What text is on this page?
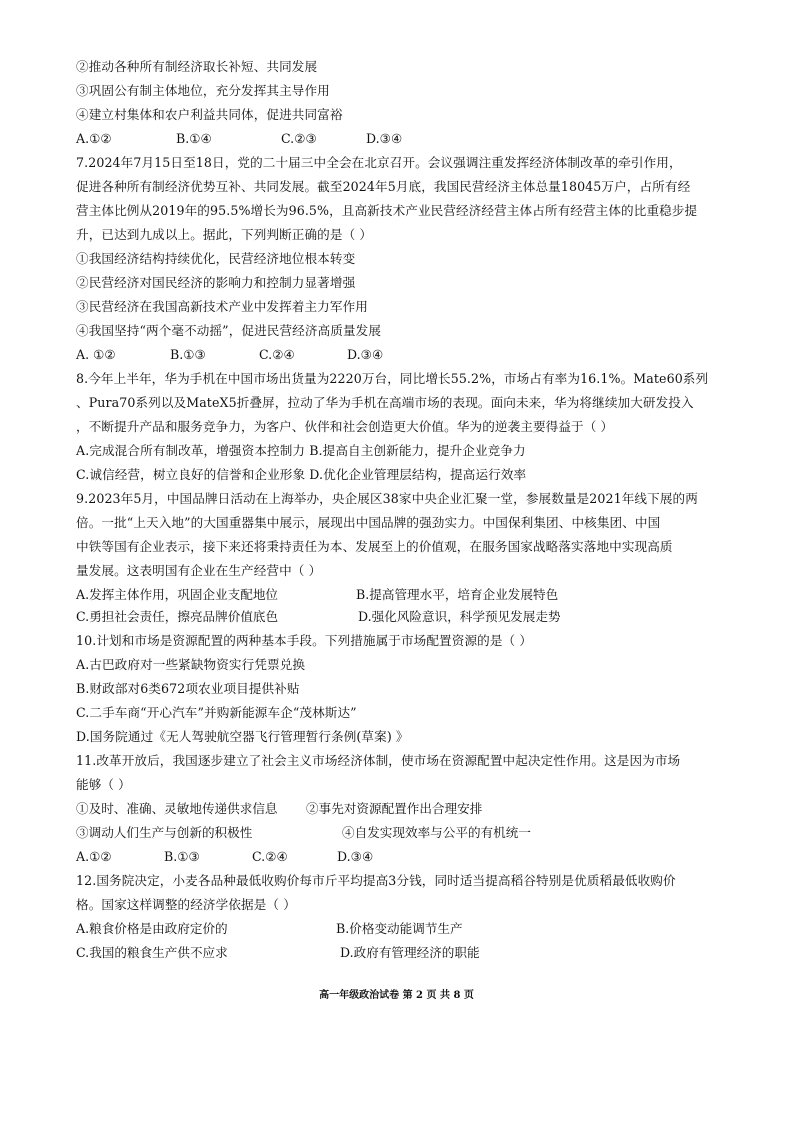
②推动各种所有制经济取长补短、共同发展
③巩固公有制主体地位，充分发挥其主导作用
④建立村集体和农户利益共同体，促进共同富裕
A.①②	B.①④	C.②③	D.③④
7.2024年7月15日至18日，党的二十届三中全会在北京召开。会议强调注重发挥经济体制改革的牵引作用，
促进各种所有制经济优势互补、共同发展。截至2024年5月底，我国民营经济主体总量18045万户，占所有经
营主体比例从2019年的95.5%增长为96.5%，且高新技术产业民营经济经营主体占所有经营主体的比重稳步提
升，已达到九成以上。据此，下列判断正确的是（ ）
①我国经济结构持续优化，民营经济地位根本转变
②民营经济对国民经济的影响力和控制力显著增强
③民营经济在我国高新技术产业中发挥着主力军作用
④我国坚持“两个毫不动摇”，促进民营经济高质量发展
A. ①②	B.①③	C.②④	D.③④
8.今年上半年，华为手机在中国市场出货量为2220万台，同比增长55.2%，市场占有率为16.1%。Mate60系列
、Pura70系列以及MateX5折叠屏，拉动了华为手机在高端市场的表现。面向未来，华为将继续加大研发投入
，不断提升产品和服务竞争力，为客户、伙伴和社会创造更大价值。华为的逆袭主要得益于（ ）
A.完成混合所有制改革，增强资本控制力 B.提高自主创新能力，提升企业竞争力
C.诚信经营，树立良好的信誉和企业形象 D.优化企业管理层结构，提高运行效率
9.2023年5月，中国品牌日活动在上海举办，央企展区38家中央企业汇聚一堂，参展数量是2021年线下展的两
倍。一批“上天入地”的大国重器集中展示，展现出中国品牌的强劲实力。中国保利集团、中核集团、中国
中铁等国有企业表示，接下来还将秉持责任为本、发展至上的价值观，在服务国家战略落实落地中实现高质
量发展。这表明国有企业在生产经营中（ ）
A.发挥主体作用，巩固企业支配地位	B.提高管理水平，培育企业发展特色
C.勇担社会责任，擦亮品牌价值底色	D.强化风险意识，科学预见发展走势
10.计划和市场是资源配置的两种基本手段。下列措施属于市场配置资源的是（ ）
A.古巴政府对一些紧缺物资实行凭票兑换
B.财政部对6类672项农业项目提供补贴
C.二手车商“开心汽车”并购新能源车企“茂林斯达”
D.国务院通过《无人驾驶航空器飞行管理暂行条例(草案) 》
11.改革开放后，我国逐步建立了社会主义市场经济体制，使市场在资源配置中起决定性作用。这是因为市场
能够（ ）
①及时、准确、灵敏地传递供求信息 ②事先对资源配置作出合理安排
③调动人们生产与创新的积极性	④自发实现效率与公平的有机统一
A.①②	B.①③	C.②④	D.③④
12.国务院决定，小麦各品种最低收购价每市斤平均提高3分钱，同时适当提高稻谷特别是优质稻最低收购价
格。国家这样调整的经济学依据是（ ）
A.粮食价格是由政府定价的	B.价格变动能调节生产
C.我国的粮食生产供不应求	D.政府有管理经济的职能
高一年级政治试卷 第 2 页 共 8 页
